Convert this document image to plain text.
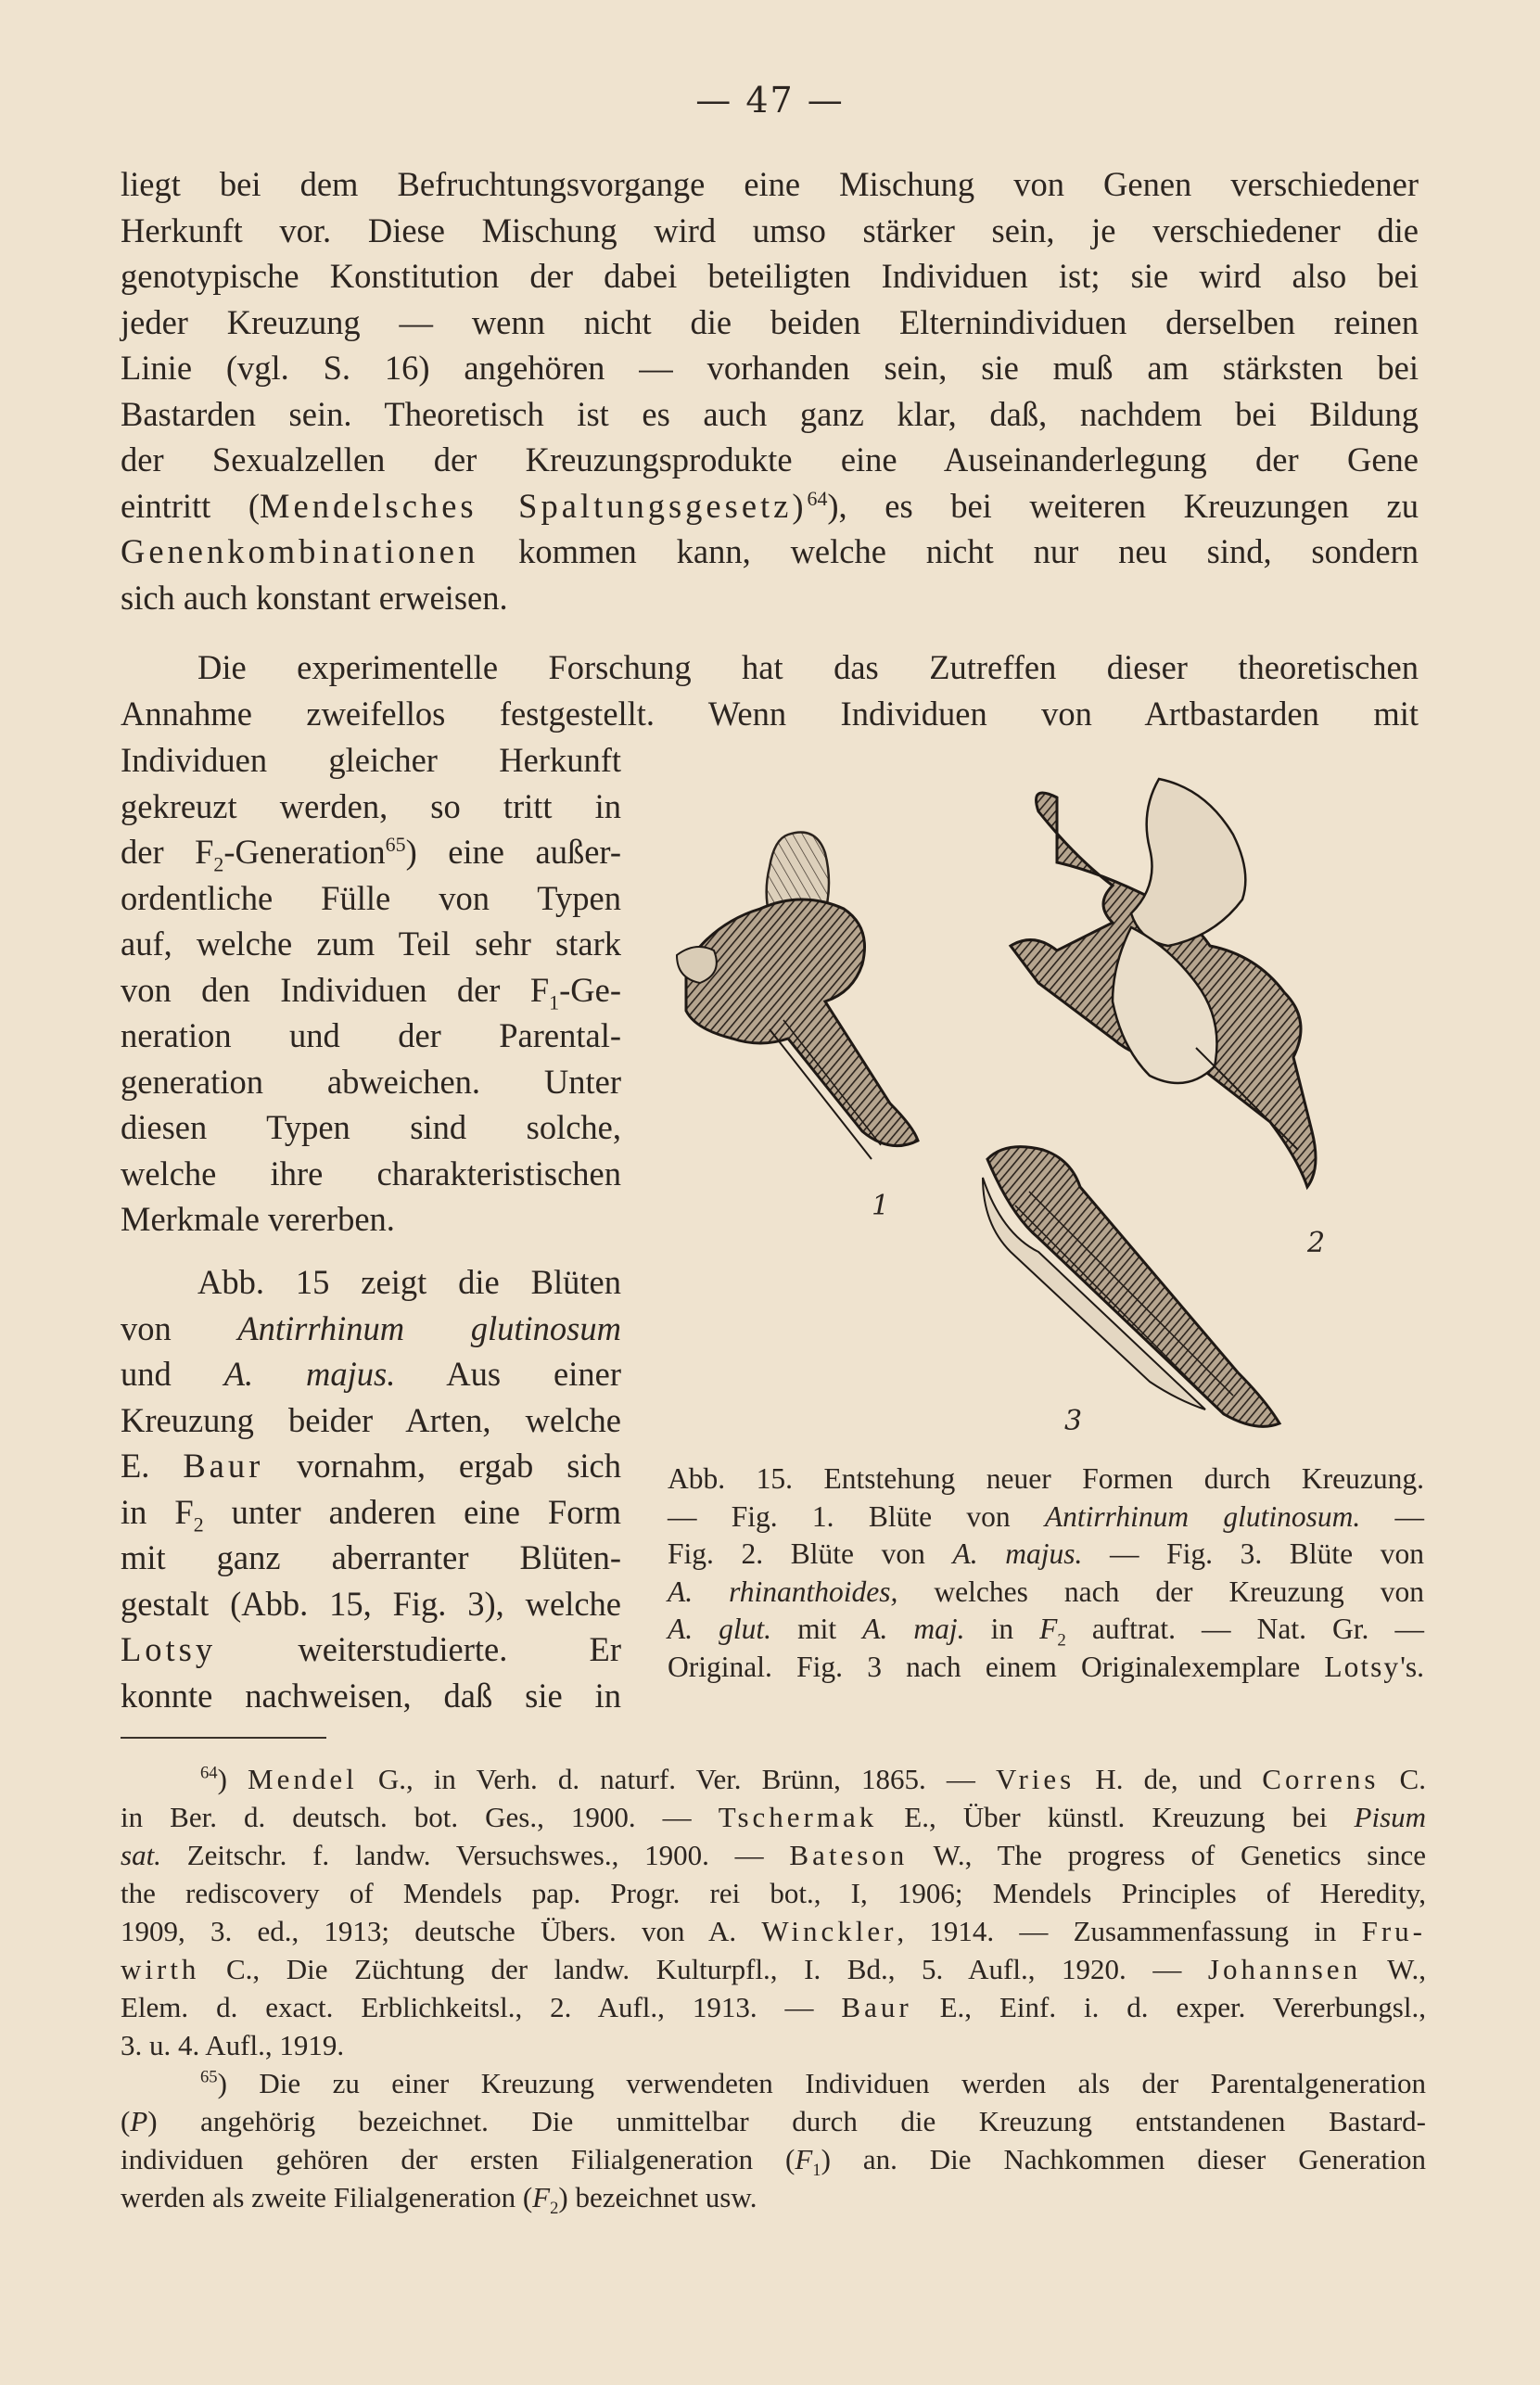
— 47 —
liegt bei dem Befruchtungsvorgange eine Mischung von Genen verschiedener
Herkunft vor. Diese Mischung wird umso stärker sein, je verschiedener die
genotypische Konstitution der dabei beteiligten Individuen ist; sie wird also bei
jeder Kreuzung — wenn nicht die beiden Elternindividuen derselben reinen
Linie (vgl. S. 16) angehören — vorhanden sein, sie muß am stärksten bei
Bastarden sein. Theoretisch ist es auch ganz klar, daß, nachdem bei Bildung
der Sexualzellen der Kreuzungsprodukte eine Auseinanderlegung der Gene
eintritt (Mendelsches Spaltungsgesetz)$^{64}$), es bei weiteren Kreuzungen zu
Genenkombinationen kommen kann, welche nicht nur neu sind, sondern
sich auch konstant erweisen.
Die experimentelle Forschung hat das Zutreffen dieser theoretischen
Annahme zweifellos festgestellt. Wenn Individuen von Artbastarden mit
Individuen gleicher Herkunft
gekreuzt werden, so tritt in
der $F_2-Generation^{65}$) eine außer-
ordentliche Fülle von Typen
auf, welche zum Teil sehr stark
von den Individuen der $F_1-Ge-$
neration und der Parental-
generation abweichen. Unter
diesen Typen sind solche,
welche ihre charakteristischen
Merkmale vererben.
Abb. 15 zeigt die Blüten
von Antirrhinum glutinosum
und A. majus. Aus einer
Kreuzung beider Arten, welche
E. Baur vornahm, ergab sich
in $F_2$ unter anderen eine Form
mit ganz aberranter Blüten-
gestalt (Abb. 15, Fig. 3), welche
Lotsy weiterstudierte. Er
konnte nachweisen, daß sie in
1
2
3
Abb. 15. Entstehung neuer Formen durch Kreuzung.
— Fig. 1. Blüte von Antirrhinum glutinosum. —
Fig. 2. Blüte von A. majus. — Fig. 3. Blüte von
A. rhinanthoides, welches nach der Kreuzung von
A. glut. mit A. maj. in $F_2$ auftrat. — Nat. Gr. —
Original. Fig. 3 nach einem Originalexemplare Lotsy's.
$^{64}$) Mendel G., in Verh. d. naturf. Ver. Brünn, 1865. — Vries H. de, und Correns C.
in Ber. d. deutsch. bot. Ges., 1900. — Tschermak E., Über künstl. Kreuzung bei Pisum
sat. Zeitschr. f. landw. Versuchswes., 1900. — Bateson W., The progress of Genetics since
the rediscovery of Mendels pap. Progr. rei bot., I, 1906; Mendels Principles of Heredity,
1909, 3. ed., 1913; deutsche Übers. von A. Winckler, 1914. — Zusammenfassung in Fru-
wirth C., Die Züchtung der landw. Kulturpfl., I. Bd., 5. Aufl., 1920. — Johannsen W.,
Elem. d. exact. Erblichkeitsl., 2. Aufl., 1913. — Baur E., Einf. i. d. exper. Vererbungsl.,
3. u. 4. Aufl., 1919.
$^{65}$) Die zu einer Kreuzung verwendeten Individuen werden als der Parentalgeneration
(P) angehörig bezeichnet. Die unmittelbar durch die Kreuzung entstandenen Bastard-
individuen gehören der ersten Filialgeneration $(F_1)$ an. Die Nachkommen dieser Generation
werden als zweite Filialgeneration $(F_2)$ bezeichnet usw.
